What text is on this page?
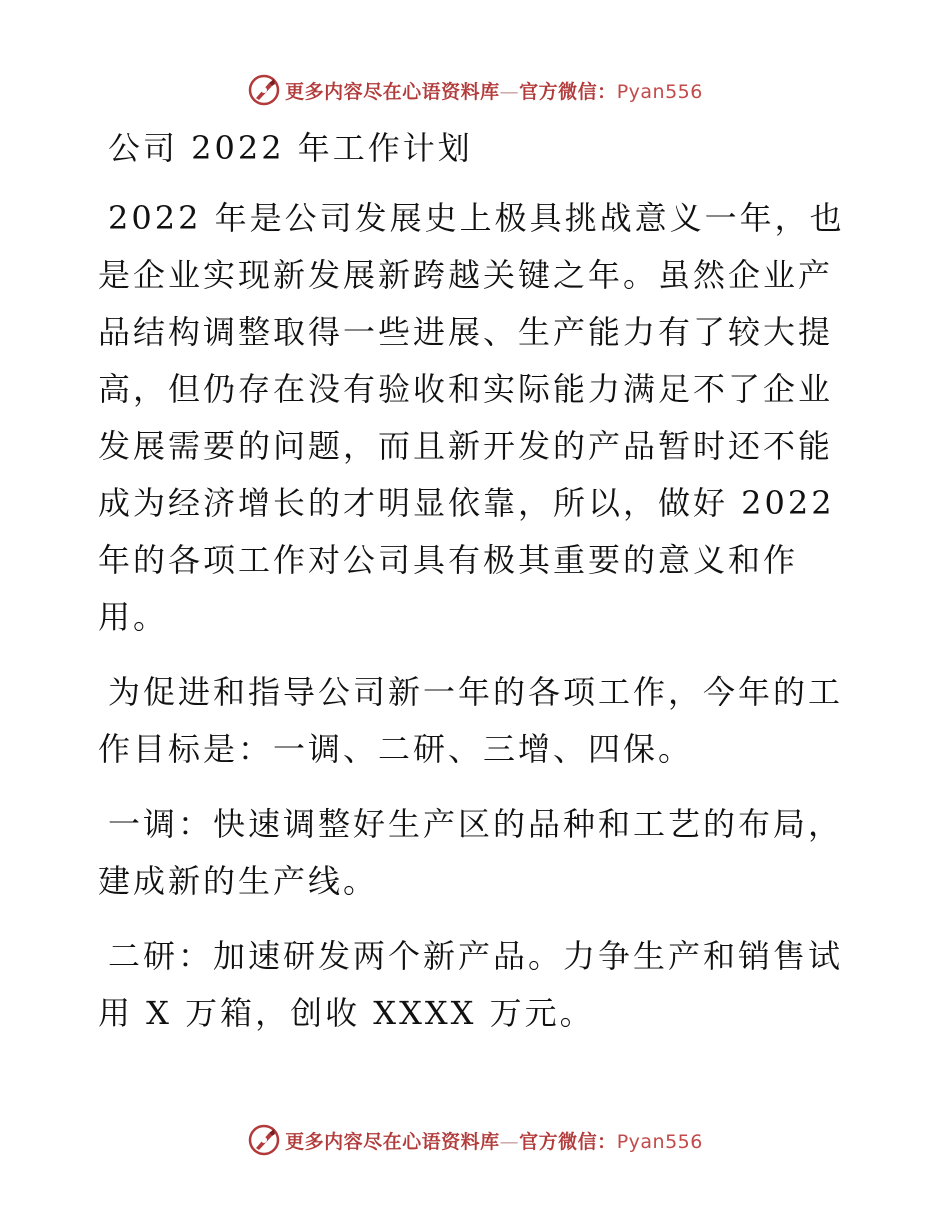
更多内容尽在心语资料库—官方微信：Pyan556
公司 2022 年工作计划

2022 年是公司发展史上极具挑战意义一年，也是企业实现新发展新跨越关键之年。虽然企业产品结构调整取得一些进展、生产能力有了较大提高，但仍存在没有验收和实际能力满足不了企业发展需要的问题，而且新开发的产品暂时还不能成为经济增长的才明显依靠，所以，做好 2022 年的各项工作对公司具有极其重要的意义和作用。

为促进和指导公司新一年的各项工作，今年的工作目标是：一调、二研、三增、四保。

一调：快速调整好生产区的品种和工艺的布局，建成新的生产线。

二研：加速研发两个新产品。力争生产和销售试用 X 万箱，创收 XXXX 万元。

更多内容尽在心语资料库—官方微信：Pyan556
